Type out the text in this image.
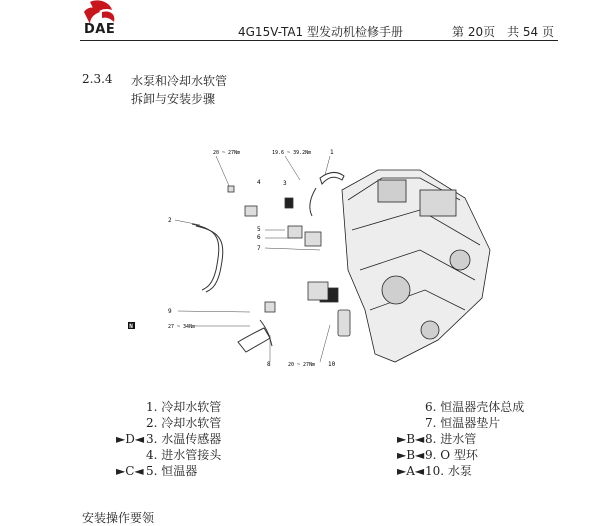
DAE	4G15V-TA1 型发动机检修手册	第 20页　共 54 页
2.3.4 水泵和冷却水软管
拆卸与安装步骤
20 ~ 27Nm	19.6 ~ 39.2Nm
27 ~ 34Nm
20 ~ 27Nm
1
2
3
4
5
6
7
8
9
10
N
1. 冷却水软管
2. 冷却水软管
►D◄ 3. 水温传感器
4. 进水管接头
►C◄ 5. 恒温器
6. 恒温器壳体总成
7. 恒温器垫片
►B◄ 8. 进水管
►B◄ 9. O 型环
►A◄ 10. 水泵
安装操作要领
